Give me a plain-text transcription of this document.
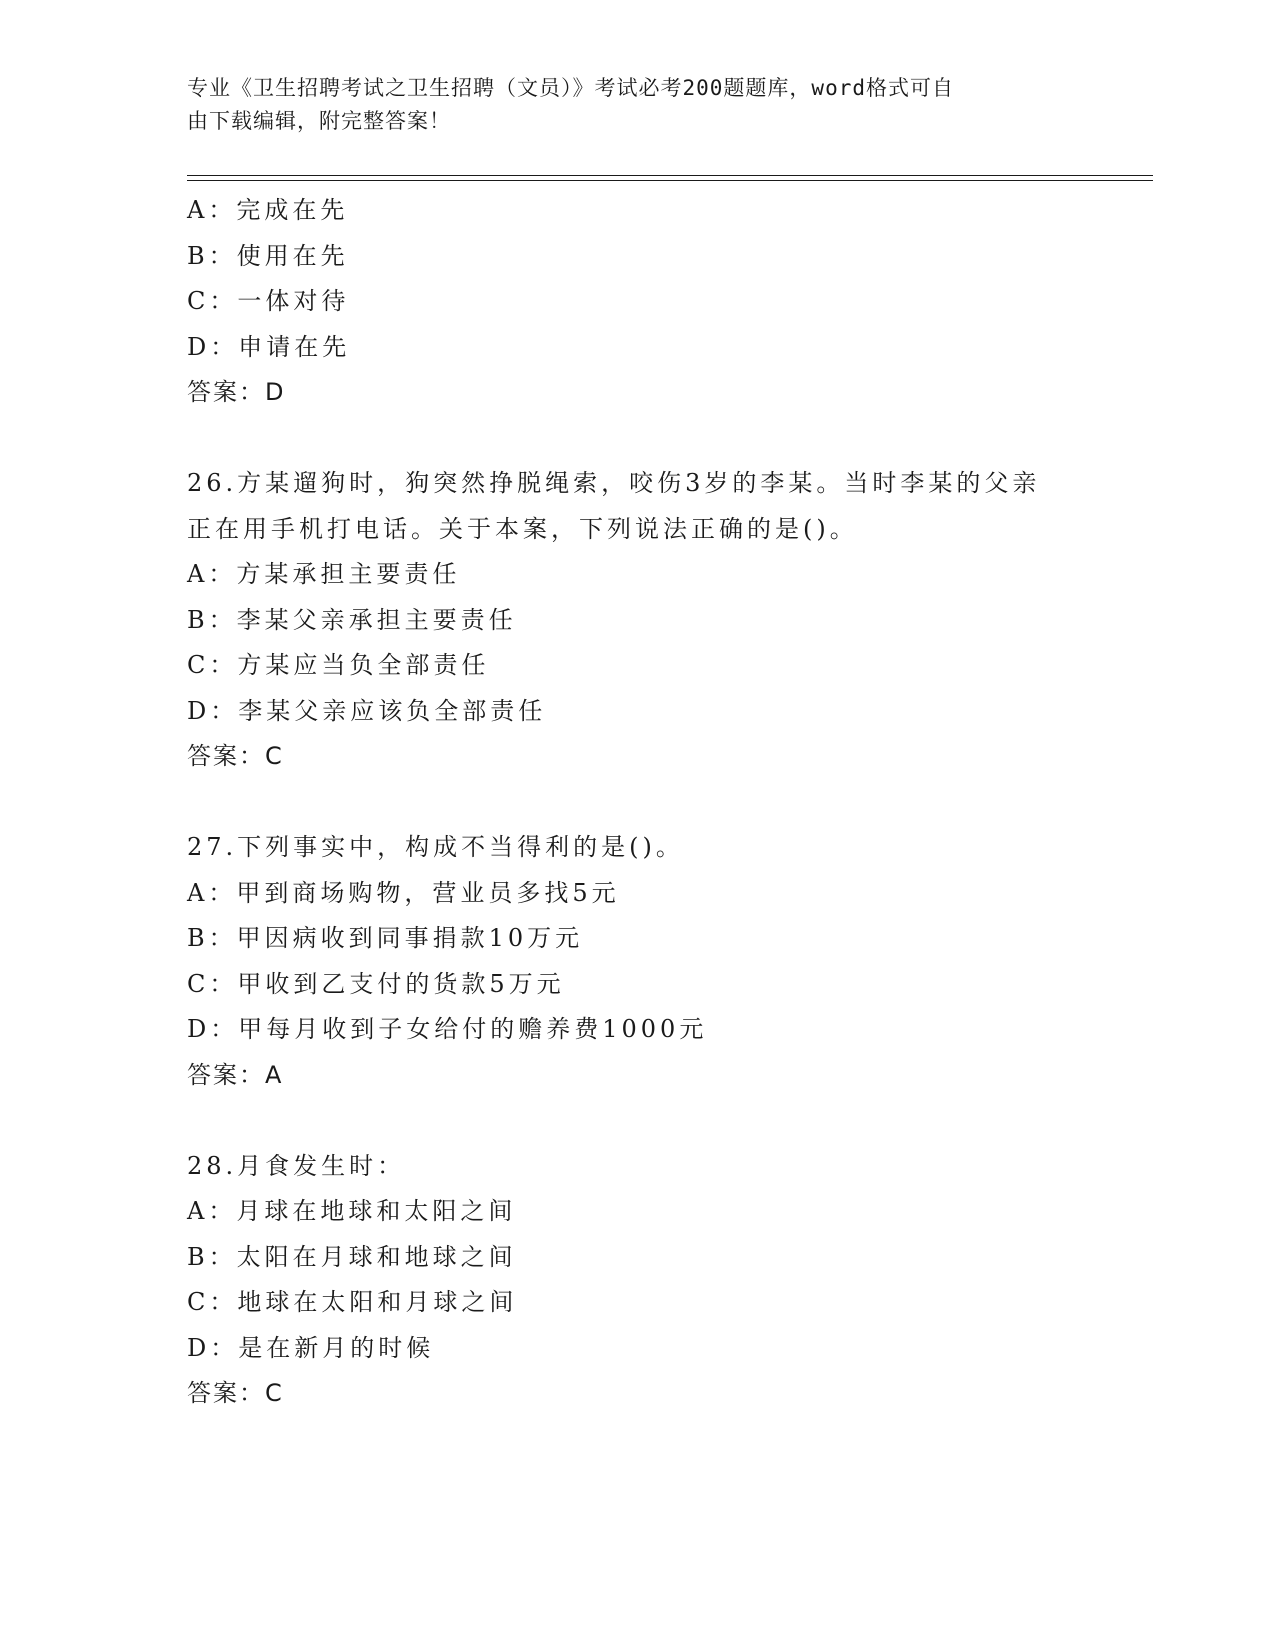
专业《卫生招聘考试之卫生招聘（文员）》考试必考200题题库，word格式可自
由下载编辑，附完整答案！
A：完成在先
B：使用在先
C：一体对待
D：申请在先
答案：D
26.方某遛狗时，狗突然挣脱绳索，咬伤3岁的李某。当时李某的父亲
正在用手机打电话。关于本案，下列说法正确的是()。
A：方某承担主要责任
B：李某父亲承担主要责任
C：方某应当负全部责任
D：李某父亲应该负全部责任
答案：C
27.下列事实中，构成不当得利的是()。
A：甲到商场购物，营业员多找5元
B：甲因病收到同事捐款10万元
C：甲收到乙支付的货款5万元
D：甲每月收到子女给付的赡养费1000元
答案：A
28.月食发生时：
A：月球在地球和太阳之间
B：太阳在月球和地球之间
C：地球在太阳和月球之间
D：是在新月的时候
答案：C
